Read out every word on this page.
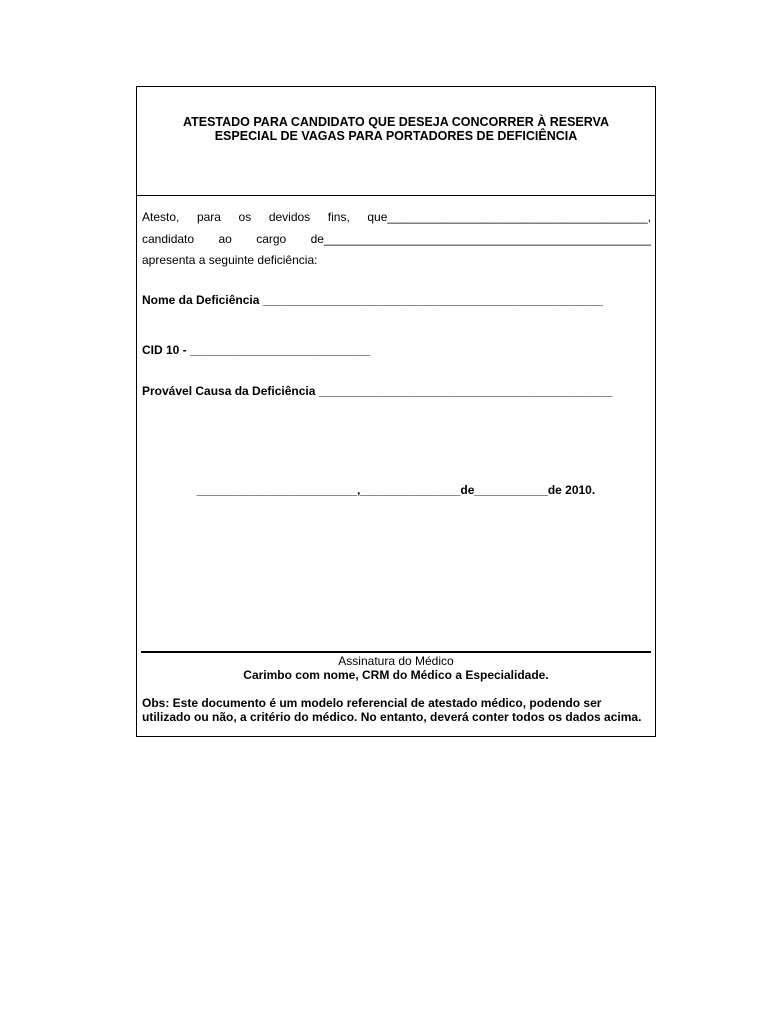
ATESTADO PARA CANDIDATO QUE DESEJA CONCORRER À RESERVA
ESPECIAL DE VAGAS PARA PORTADORES DE DEFICIÊNCIA
Atesto, para os devidos fins, que_______________________________________,
candidato ao cargo de_________________________________________________
apresenta a seguinte deficiência:
Nome da Deficiência ___________________________________________________
CID 10 - ___________________________
Provável Causa da Deficiência ____________________________________________
________________________,_______________de___________de 2010.
Assinatura do Médico
Carimbo com nome, CRM do Médico a Especialidade.
Obs: Este documento é um modelo referencial de atestado médico, podendo ser utilizado ou não, a critério do médico. No entanto, deverá conter todos os dados acima.
